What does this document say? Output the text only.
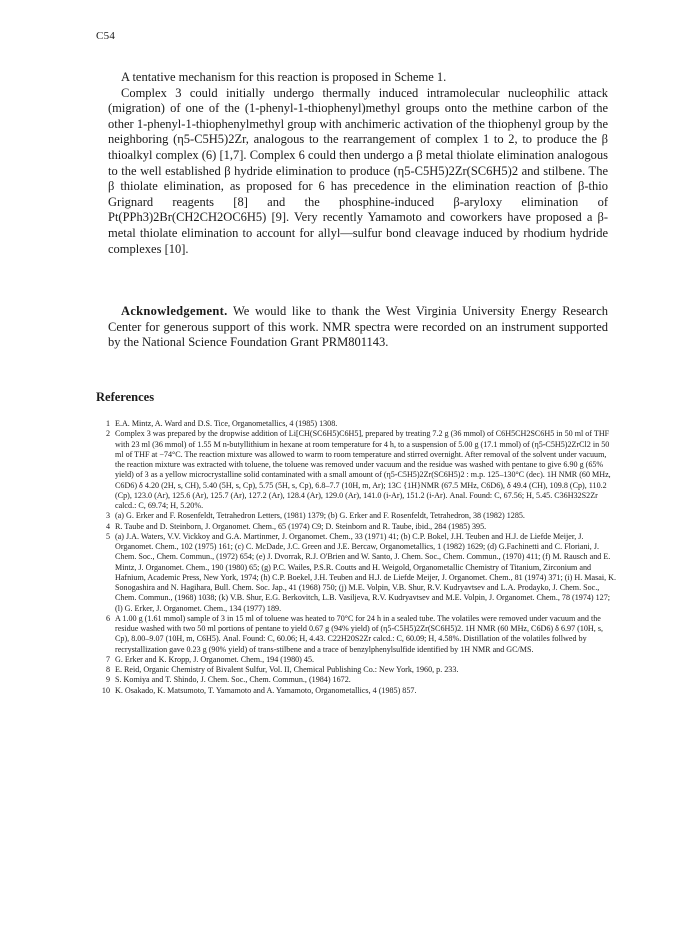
C54

A tentative mechanism for this reaction is proposed in Scheme 1.

Complex 3 could initially undergo thermally induced intramolecular nucleophilic attack (migration) of one of the (1-phenyl-1-thiophenyl)methyl groups onto the methine carbon of the other 1-phenyl-1-thiophenylmethyl group with anchimeric activation of the thiophenyl group by the neighboring (η5-C5H5)2Zr, analogous to the rearrangement of complex 1 to 2, to produce the β thioalkyl complex (6) [1,7]. Complex 6 could then undergo a β metal thiolate elimination analogous to the well established β hydride elimination to produce (η5-C5H5)2Zr(SC6H5)2 and stilbene. The β thiolate elimination, as proposed for 6 has precedence in the elimination reaction of β-thio Grignard reagents [8] and the phosphine-induced β-aryloxy elimination of Pt(PPh3)2Br(CH2CH2OC6H5) [9]. Very recently Yamamoto and coworkers have proposed a β-metal thiolate elimination to account for allyl—sulfur bond cleavage induced by rhodium hydride complexes [10].

Acknowledgement. We would like to thank the West Virginia University Energy Research Center for generous support of this work. NMR spectra were recorded on an instrument supported by the National Science Foundation Grant PRM801143.

References
1 E.A. Mintz, A. Ward and D.S. Tice, Organometallics, 4 (1985) 1308.
2 Complex 3 was prepared by the dropwise addition of Li[CH(SC6H5)C6H5], prepared by treating 7.2 g (36 mmol) of C6H5CH2SC6H5 in 50 ml of THF with 23 ml (36 mmol) of 1.55 M n-butyllithium in hexane at room temperature for 4 h, to a suspension of 5.00 g (17.1 mmol) of (η5-C5H5)2ZrCl2 in 50 ml of THF at −74°C. The reaction mixture was allowed to warm to room temperature and stirred overnight. After removal of the solvent under vacuum, the reaction mixture was extracted with toluene, the toluene was removed under vacuum and the residue was washed with pentane to give 6.90 g (65% yield) of 3 as a yellow microcrystalline solid contaminated with a small amount of (η5-C5H5)2Zr(SC6H5)2 : m.p. 125–130°C (dec). 1H NMR (60 MHz, C6D6) δ 4.20 (2H, s, CH), 5.40 (5H, s, Cp), 5.75 (5H, s, Cp), 6.8–7.7 (10H, m, Ar); 13C {1H}NMR (67.5 MHz, C6D6), δ 49.4 (CH), 109.8 (Cp), 110.2 (Cp), 123.0 (Ar), 125.6 (Ar), 125.7 (Ar), 127.2 (Ar), 128.4 (Ar), 129.0 (Ar), 141.0 (i-Ar), 151.2 (i-Ar). Anal. Found: C, 67.56; H, 5.45. C36H32S2Zr calcd.: C, 69.74; H, 5.20%.
3 (a) G. Erker and F. Rosenfeldt, Tetrahedron Letters, (1981) 1379; (b) G. Erker and F. Rosenfeldt, Tetrahedron, 38 (1982) 1285.
4 R. Taube and D. Steinborn, J. Organomet. Chem., 65 (1974) C9; D. Steinborn and R. Taube, ibid., 284 (1985) 395.
5 (a) J.A. Waters, V.V. Vickkoy and G.A. Martinmer, J. Organomet. Chem., 33 (1971) 41; (b) C.P. Bokel, J.H. Teuben and H.J. de Liefde Meijer, J. Organomet. Chem., 102 (1975) 161; (c) C. McDade, J.C. Green and J.E. Bercaw, Organometallics, 1 (1982) 1629; (d) G.Fachinetti and C. Floriani, J. Chem. Soc., Chem. Commun., (1972) 654; (e) J. Dvorrak, R.J. O'Brien and W. Santo, J. Chem. Soc., Chem. Commun., (1970) 411; (f) M. Rausch and E. Mintz, J. Organomet. Chem., 190 (1980) 65; (g) P.C. Wailes, P.S.R. Coutts and H. Weigold, Organometallic Chemistry of Titanium, Zirconium and Hafnium, Academic Press, New York, 1974; (h) C.P. Boekel, J.H. Teuben and H.J. de Liefde Meijer, J. Organomet. Chem., 81 (1974) 371; (i) H. Masai, K. Sonogashira and N. Hagihara, Bull. Chem. Soc. Jap., 41 (1968) 750; (j) M.E. Volpin, V.B. Shur, R.V. Kudryavtsev and L.A. Prodayko, J. Chem. Soc., Chem. Commun., (1968) 1038; (k) V.B. Shur, E.G. Berkovitch, L.B. Vasiljeva, R.V. Kudryavtsev and M.E. Volpin, J. Organomet. Chem., 78 (1974) 127; (l) G. Erker, J. Organomet. Chem., 134 (1977) 189.
6 A 1.00 g (1.61 mmol) sample of 3 in 15 ml of toluene was heated to 70°C for 24 h in a sealed tube. The volatiles were removed under vacuum and the residue washed with two 50 ml portions of pentane to yield 0.67 g (94% yield) of (η5-C5H5)2Zr(SC6H5)2. 1H NMR (60 MHz, C6D6) δ 6.97 (10H, s, Cp), 8.00–9.07 (10H, m, C6H5). Anal. Found: C, 60.06; H, 4.43. C22H20S2Zr calcd.: C, 60.09; H, 4.58%. Distillation of the volatiles follwed by recrystallization gave 0.23 g (90% yield) of trans-stilbene and a trace of benzylphenylsulfide identified by 1H NMR and GC/MS.
7 G. Erker and K. Kropp, J. Organomet. Chem., 194 (1980) 45.
8 E. Reid, Organic Chemistry of Bivalent Sulfur, Vol. II, Chemical Publishing Co.: New York, 1960, p. 233.
9 S. Komiya and T. Shindo, J. Chem. Soc., Chem. Commun., (1984) 1672.
10 K. Osakado, K. Matsumoto, T. Yamamoto and A. Yamamoto, Organometallics, 4 (1985) 857.
